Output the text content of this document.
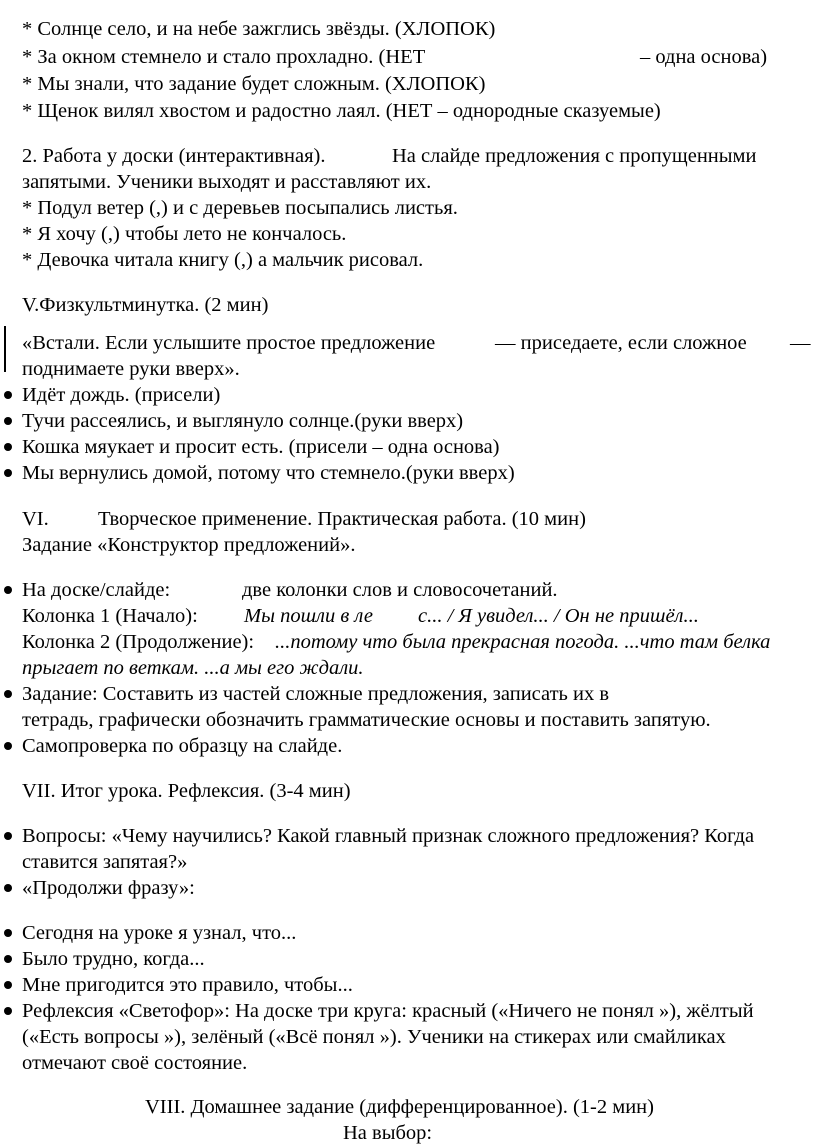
* Солнце село, и на небе зажглись звёзды. (ХЛОПОК)
* За окном стемнело и стало прохладно. (НЕТ	– одна основа)
* Мы знали, что задание будет сложным. (ХЛОПОК)
* Щенок вилял хвостом и радостно лаял. (НЕТ – однородные сказуемые)
2. Работа у доски (интерактивная).	На слайде предложения с пропущенными
запятыми. Ученики выходят и расставляют их.
* Подул ветер (,) и с деревьев посыпались листья.
* Я хочу (,) чтобы лето не кончалось.
* Девочка читала книгу (,) а мальчик рисовал.
V.Физкультминутка. (2 мин)
«Встали. Если услышите простое предложение	— приседаете, если сложное —
поднимаете руки вверх».
Идёт дождь. (присели)
Тучи рассеялись, и выглянуло солнце.(руки вверх)
Кошка мяукает и просит есть. (присели – одна основа)
Мы вернулись домой, потому что стемнело.(руки вверх)
VI. Творческое применение. Практическая работа. (10 мин)
Задание «Конструктор предложений».
На доске/слайде:	две колонки слов и словосочетаний.
Колонка 1 (Начало): Мы пошли в ле с... / Я увидел... / Он не пришёл...
Колонка 2 (Продолжение): ...потому что была прекрасная погода. ...что там белка
прыгает по веткам. ...а мы его ждали.
Задание: Составить из частей сложные предложения, записать их в
тетрадь, графически обозначить грамматические основы и поставить запятую.
Самопроверка по образцу на слайде.
VII. Итог урока. Рефлексия. (3-4 мин)
Вопросы: «Чему научились? Какой главный признак сложного предложения? Когда
ставится запятая?»
«Продолжи фразу»:
Сегодня на уроке я узнал, что...
Было трудно, когда...
Мне пригодится это правило, чтобы...
Рефлексия «Светофор»: На доске три круга: красный («Ничего не понял »), жёлтый
(«Есть вопросы »), зелёный («Всё понял »). Ученики на стикерах или смайликах
отмечают своё состояние.
VIII. Домашнее задание (дифференцированное). (1-2 мин)
На выбор:
